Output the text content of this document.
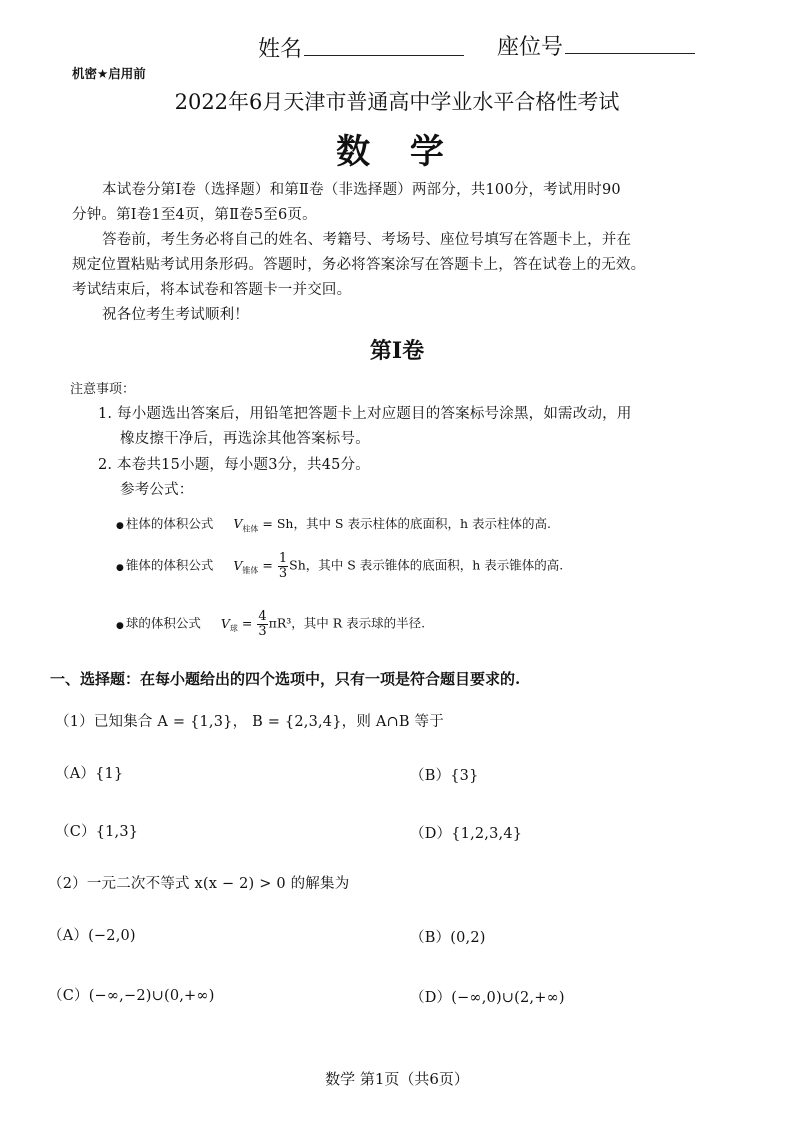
姓名	座位号
机密★启用前
2022年6月天津市普通高中学业水平合格性考试
数 学
本试卷分第Ⅰ卷（选择题）和第Ⅱ卷（非选择题）两部分，共100分，考试用时90
分钟。第Ⅰ卷1至4页，第Ⅱ卷5至6页。
答卷前，考生务必将自己的姓名、考籍号、考场号、座位号填写在答题卡上，并在
规定位置粘贴考试用条形码。答题时，务必将答案涂写在答题卡上，答在试卷上的无效。
考试结束后，将本试卷和答题卡一并交回。
祝各位考生考试顺利！
第Ⅰ卷
注意事项：
1. 每小题选出答案后，用铅笔把答题卡上对应题目的答案标号涂黑，如需改动，用
橡皮擦干净后，再选涂其他答案标号。
2. 本卷共15小题，每小题3分，共45分。
参考公式：
● 柱体的体积公式 $V_{柱体} = Sh$，其中 S 表示柱体的底面积，h 表示柱体的高.
● 锥体的体积公式 $V_{锥体} = \frac{1}{3}$ Sh，其中 S 表示锥体的底面积，h 表示锥体的高.
● 球的体积公式 $V_球 = \frac{4}{3} \pi R^3$，其中 R 表示球的半径.
一、选择题：在每小题给出的四个选项中，只有一项是符合题目要求的.
（1）已知集合 A = {1,3}， B = {2,3,4}，则 A∩B 等于
（A）{1}	（B）{3}
（C）{1,3}	（D）{1,2,3,4}
（2）一元二次不等式 x(x − 2) > 0 的解集为
（A）(−2,0)	（B）(0,2)
（C）(−∞,−2)∪(0,+∞)	（D）(−∞,0)∪(2,+∞)
数学 第1页（共6页）
